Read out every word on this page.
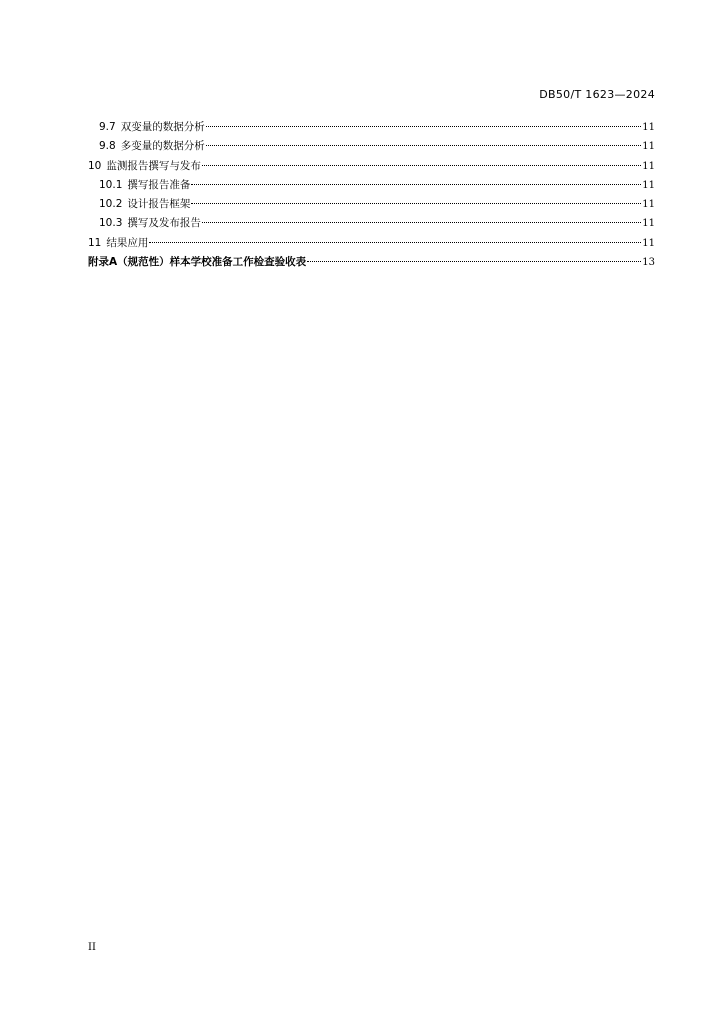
DB50/T 1623—2024
9.7 双变量的数据分析	11
9.8 多变量的数据分析	11
10 监测报告撰写与发布	11
10.1 撰写报告准备	11
10.2 设计报告框架	11
10.3 撰写及发布报告	11
11 结果应用	11
附录A（规范性）样本学校准备工作检查验收表	13
II
